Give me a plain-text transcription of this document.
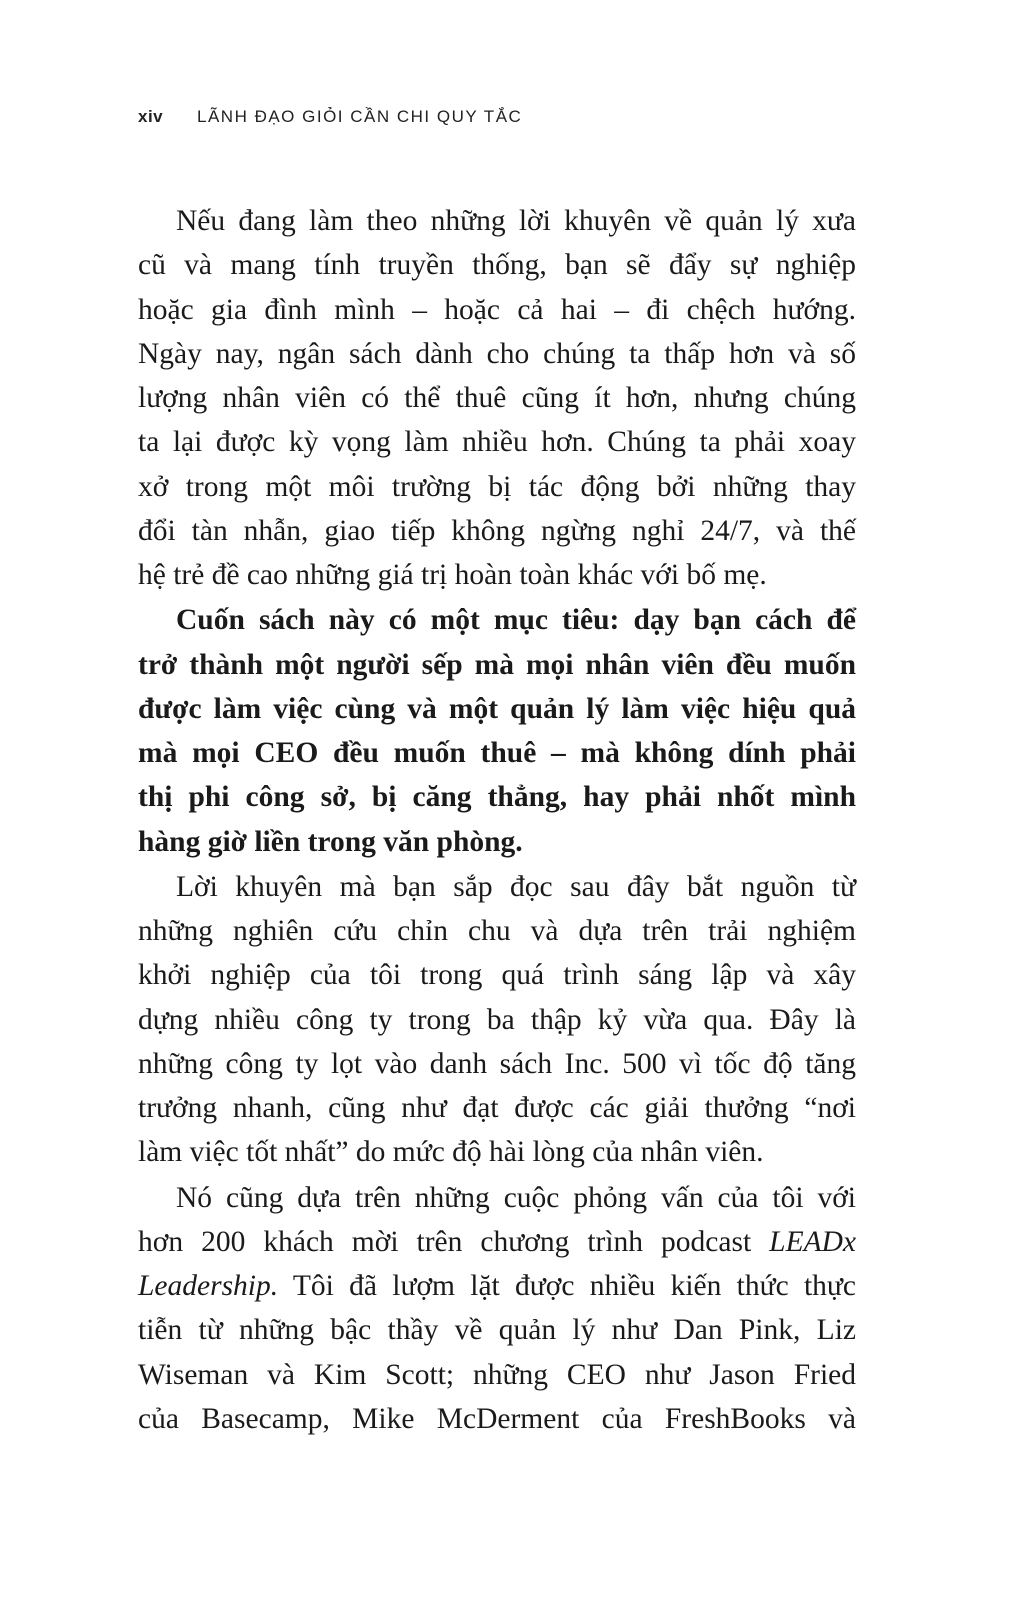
xiv LÃNH ĐẠO GIỎI CẦN CHI QUY TẮC
Nếu đang làm theo những lời khuyên về quản lý xưa
cũ và mang tính truyền thống, bạn sẽ đẩy sự nghiệp
hoặc gia đình mình – hoặc cả hai – đi chệch hướng.
Ngày nay, ngân sách dành cho chúng ta thấp hơn và số
lượng nhân viên có thể thuê cũng ít hơn, nhưng chúng
ta lại được kỳ vọng làm nhiều hơn. Chúng ta phải xoay
xở trong một môi trường bị tác động bởi những thay
đổi tàn nhẫn, giao tiếp không ngừng nghỉ 24/7, và thế
hệ trẻ đề cao những giá trị hoàn toàn khác với bố mẹ.
Cuốn sách này có một mục tiêu: dạy bạn cách để
trở thành một người sếp mà mọi nhân viên đều muốn
được làm việc cùng và một quản lý làm việc hiệu quả
mà mọi CEO đều muốn thuê – mà không dính phải
thị phi công sở, bị căng thẳng, hay phải nhốt mình
hàng giờ liền trong văn phòng.
Lời khuyên mà bạn sắp đọc sau đây bắt nguồn từ
những nghiên cứu chỉn chu và dựa trên trải nghiệm
khởi nghiệp của tôi trong quá trình sáng lập và xây
dựng nhiều công ty trong ba thập kỷ vừa qua. Đây là
những công ty lọt vào danh sách Inc. 500 vì tốc độ tăng
trưởng nhanh, cũng như đạt được các giải thưởng “nơi
làm việc tốt nhất” do mức độ hài lòng của nhân viên.
Nó cũng dựa trên những cuộc phỏng vấn của tôi với
hơn 200 khách mời trên chương trình podcast LEADx
Leadership. Tôi đã lượm lặt được nhiều kiến thức thực
tiễn từ những bậc thầy về quản lý như Dan Pink, Liz
Wiseman và Kim Scott; những CEO như Jason Fried
của Basecamp, Mike McDerment của FreshBooks và
